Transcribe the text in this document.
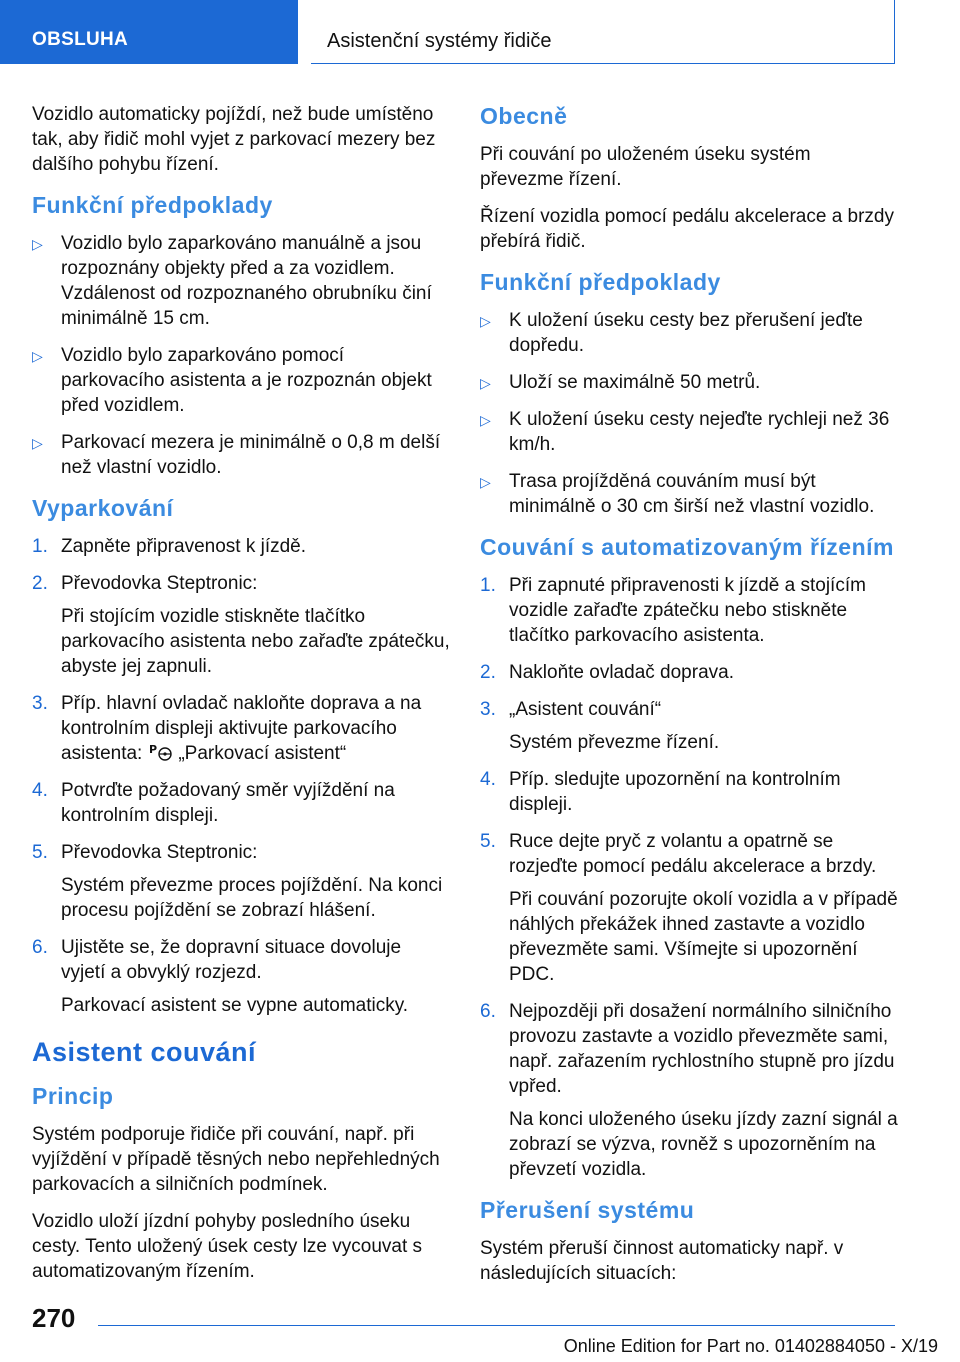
OBSLUHA	Asistenční systémy řidiče

Vozidlo automaticky pojíždí, než bude umístěno tak, aby řidič mohl vyjet z parkovací mezery bez dalšího pohybu řízení.

Funkční předpoklady
▷ Vozidlo bylo zaparkováno manuálně a jsou rozpoznány objekty před a za vozidlem. Vzdálenost od rozpoznaného obrubníku činí minimálně 15 cm.
▷ Vozidlo bylo zaparkováno pomocí parkovacího asistenta a je rozpoznán objekt před vozidlem.
▷ Parkovací mezera je minimálně o 0,8 m delší než vlastní vozidlo.
Vyparkování
1. Zapněte připravenost k jízdě.
2. Převodovka Steptronic:

Při stojícím vozidle stiskněte tlačítko parkovacího asistenta nebo zařaďte zpátečku, abyste jej zapnuli.

3. Příp. hlavní ovladač nakloňte doprava a na kontrolním displeji aktivujte parkovacího asistenta: P „Parkovací asistent“
4. Potvrďte požadovaný směr vyjíždění na kontrolním displeji.
5. Převodovka Steptronic:

Systém převezme proces pojíždění. Na konci procesu pojíždění se zobrazí hlášení.

6. Ujistěte se, že dopravní situace dovoluje vyjetí a obvyklý rozjezd.

Parkovací asistent se vypne automaticky.

Asistent couvání
Princip

Systém podporuje řidiče při couvání, např. při vyjíždění v případě těsných nebo nepřehledných parkovacích a silničních podmínek.

Vozidlo uloží jízdní pohyby posledního úseku cesty. Tento uložený úsek cesty lze vycouvat s automatizovaným řízením.

Obecně

Při couvání po uloženém úseku systém převezme řízení.

Řízení vozidla pomocí pedálu akcelerace a brzdy přebírá řidič.

Funkční předpoklady
▷ K uložení úseku cesty bez přerušení jeďte dopředu.
▷ Uloží se maximálně 50 metrů.
▷ K uložení úseku cesty nejeďte rychleji než 36 km/h.
▷ Trasa projížděná couváním musí být minimálně o 30 cm širší než vlastní vozidlo.
Couvání s automatizovaným řízením
1. Při zapnuté připravenosti k jízdě a stojícím vozidle zařaďte zpátečku nebo stiskněte tlačítko parkovacího asistenta.
2. Nakloňte ovladač doprava.
3. „Asistent couvání“

Systém převezme řízení.

4. Příp. sledujte upozornění na kontrolním displeji.
5. Ruce dejte pryč z volantu a opatrně se rozjeďte pomocí pedálu akcelerace a brzdy.

Při couvání pozorujte okolí vozidla a v případě náhlých překážek ihned zastavte a vozidlo převezměte sami. Všímejte si upozornění PDC.

6. Nejpozději při dosažení normálního silničního provozu zastavte a vozidlo převezměte sami, např. zařazením rychlostního stupně pro jízdu vpřed.

Na konci uloženého úseku jízdy zazní signál a zobrazí se výzva, rovněž s upozorněním na převzetí vozidla.

Přerušení systému

Systém přeruší činnost automaticky např. v následujících situacích:

270
Online Edition for Part no. 01402884050 - X/19
